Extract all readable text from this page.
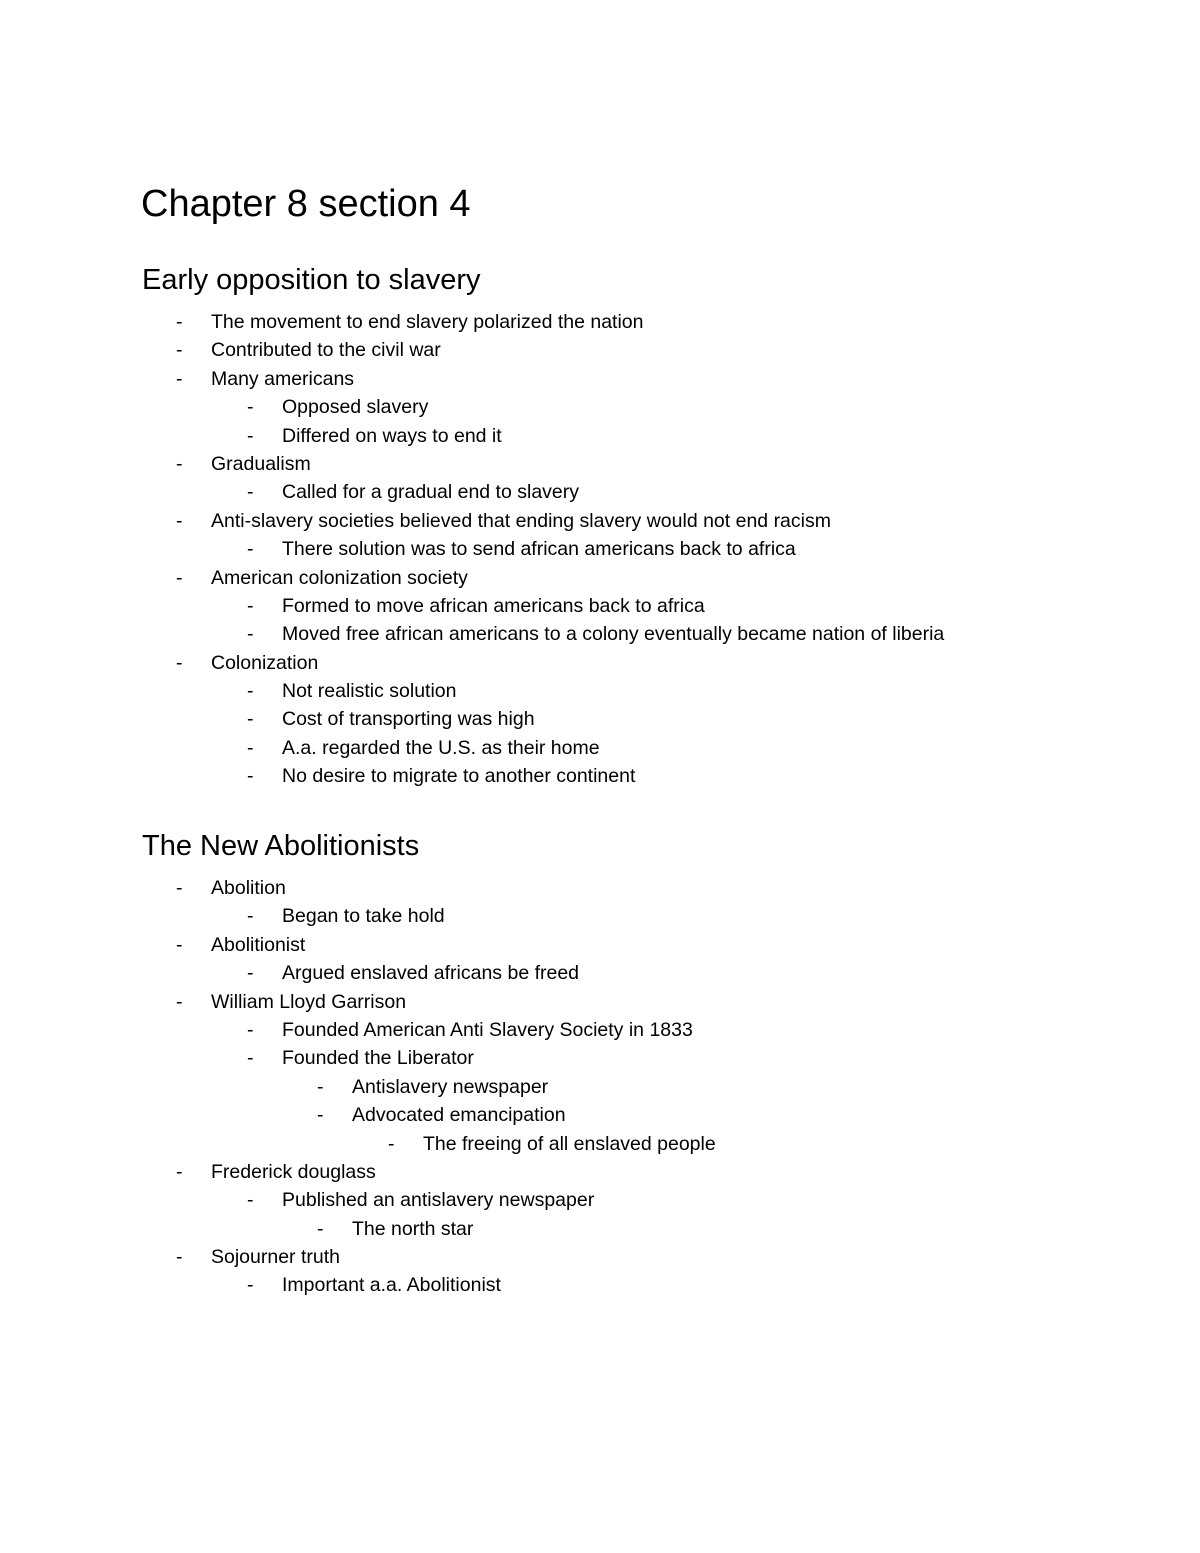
Chapter 8 section 4
Early opposition to slavery
- The movement to end slavery polarized the nation
- Contributed to the civil war
- Many americans
- Opposed slavery
- Differed on ways to end it
- Gradualism
- Called for a gradual end to slavery
- Anti-slavery societies believed that ending slavery would not end racism
- There solution was to send african americans back to africa
- American colonization society
- Formed to move african americans back to africa
- Moved free african americans to a colony eventually became nation of liberia
- Colonization
- Not realistic solution
- Cost of transporting was high
- A.a. regarded the U.S. as their home
- No desire to migrate to another continent
The New Abolitionists
- Abolition
- Began to take hold
- Abolitionist
- Argued enslaved africans be freed
- William Lloyd Garrison
- Founded American Anti Slavery Society in 1833
- Founded the Liberator
- Antislavery newspaper
- Advocated emancipation
- The freeing of all enslaved people
- Frederick douglass
- Published an antislavery newspaper
- The north star
- Sojourner truth
- Important a.a. Abolitionist
